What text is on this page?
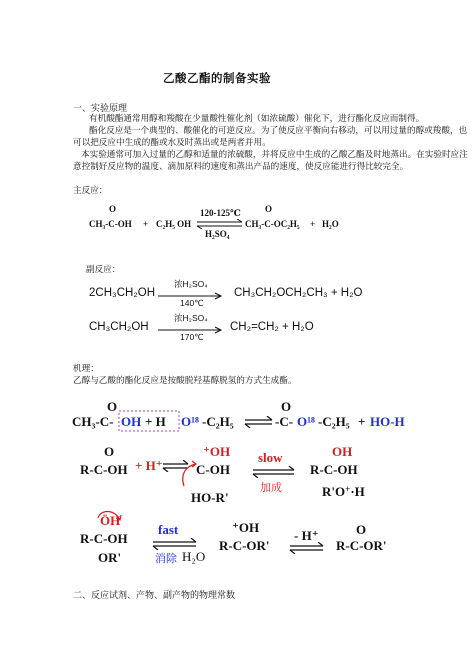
乙酸乙酯的制备实验
一、实验原理
有机酸酯通常用醇和羧酸在少量酸性催化剂（如浓硫酸）催化下，进行酯化反应而制得。
酯化反应是一个典型的、酸催化的可逆反应。为了使反应平衡向右移动，可以用过量的醇或羧酸，也可以把反应中生成的酯或水及时蒸出或是两者并用。
本实验通常可加入过量的乙醇和适量的浓硫酸，并将反应中生成的乙酸乙酯及时地蒸出。在实验时应注意控制好反应物的温度、滴加原料的速度和蒸出产品的速度，使反应能进行得比较完全。
主反应：
O
CH₃-C-OH + C₂H₅ OH
120-125℃
H₂SO₄
O
CH₃-C-OC₂H₅ + H₂O
副反应：
2CH₃CH₂OH
浓H₂SO₄
140℃
CH₃CH₂OCH₂CH₃ + H₂O
CH₃CH₂OH
浓H₂SO₄
170℃
CH₂=CH₂ + H₂O
机理：
乙醇与乙酸的酯化反应是按酸脱羟基醇脱氢的方式生成酯。
O
CH₃-C- OH + H O¹⁸ -C₂H₅
O
-C- O¹⁸ -C₂H₅ + HO-H
O
R-C-OH + H⁺
⁺OH
C-OH
HO-R'
slow
加成
OH
R-C-OH
R'O+·H
ÖH
R-C-OH
OR'
fast
消除 H₂O
⁺OH
R-C-OR'
- H⁺	O
R-C-OR'
二、反应试剂、产物、副产物的物理常数
